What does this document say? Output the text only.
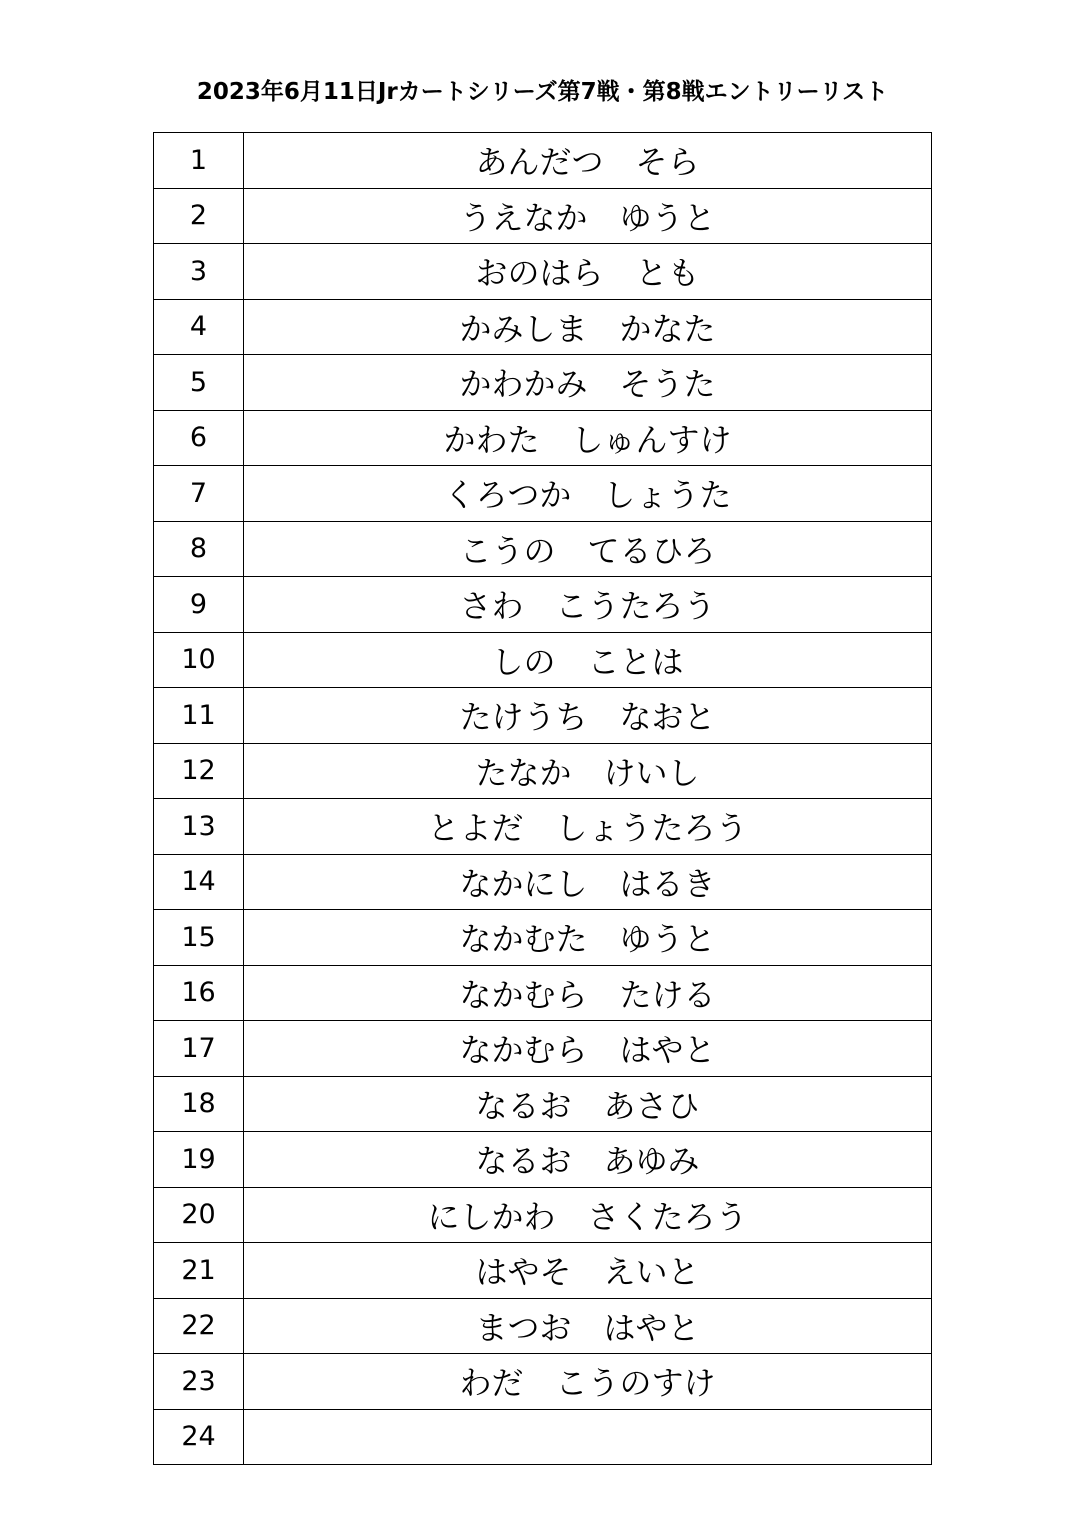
2023年6月11日Jrカートシリーズ第7戦・第8戦エントリーリスト
1	あんだつ　そら
2	うえなか　ゆうと
3	おのはら　とも
4	かみしま　かなた
5	かわかみ　そうた
6	かわた　しゅんすけ
7	くろつか　しょうた
8	こうの　てるひろ
9	さわ　こうたろう
10	しの　ことは
11	たけうち　なおと
12	たなか　けいし
13	とよだ　しょうたろう
14	なかにし　はるき
15	なかむた　ゆうと
16	なかむら　たける
17	なかむら　はやと
18	なるお　あさひ
19	なるお　あゆみ
20	にしかわ　さくたろう
21	はやそ　えいと
22	まつお　はやと
23	わだ　こうのすけ
24	
